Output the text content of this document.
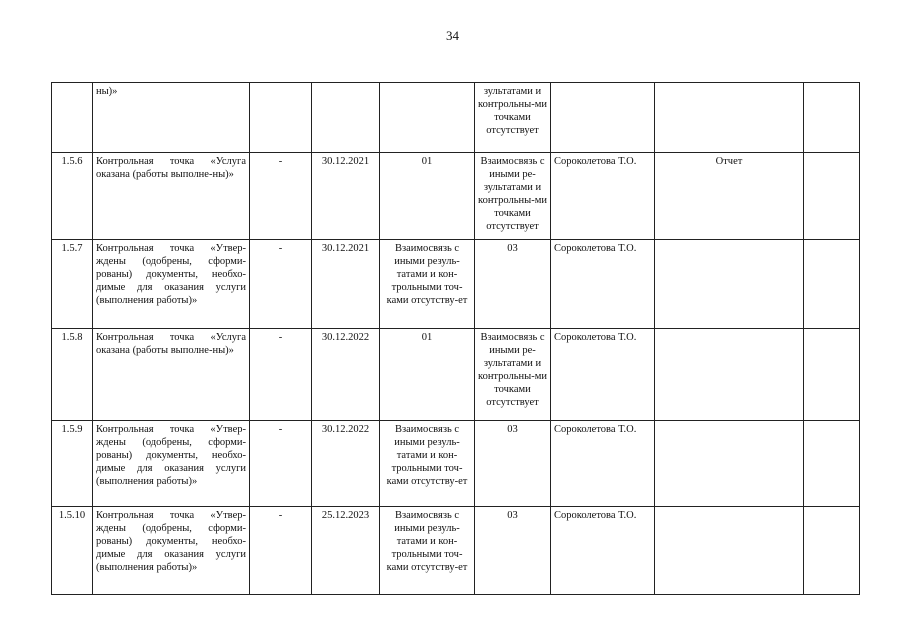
34
	ны)»				зультатами и контрольны-ми точками отсутствует			
1.5.6	Контрольная точка «Услуга оказана (работы выполне-ны)»	-	30.12.2021	01	Взаимосвязь с иными ре-зультатами и контрольны-ми точками отсутствует	Сороколетова Т.О.	Отчет	
1.5.7	Контрольная точка «Утвер-ждены (одобрены, сформи-рованы) документы, необхо-димые для оказания услуги (выполнения работы)»	-	30.12.2021	Взаимосвязь с иными резуль-татами и кон-трольными точ-ками отсутству-ет	03	Сороколетова Т.О.		
1.5.8	Контрольная точка «Услуга оказана (работы выполне-ны)»	-	30.12.2022	01	Взаимосвязь с иными ре-зультатами и контрольны-ми точками отсутствует	Сороколетова Т.О.		
1.5.9	Контрольная точка «Утвер-ждены (одобрены, сформи-рованы) документы, необхо-димые для оказания услуги (выполнения работы)»	-	30.12.2022	Взаимосвязь с иными резуль-татами и кон-трольными точ-ками отсутству-ет	03	Сороколетова Т.О.		
1.5.10	Контрольная точка «Утвер-ждены (одобрены, сформи-рованы) документы, необхо-димые для оказания услуги (выполнения работы)»	-	25.12.2023	Взаимосвязь с иными резуль-татами и кон-трольными точ-ками отсутству-ет	03	Сороколетова Т.О.		
